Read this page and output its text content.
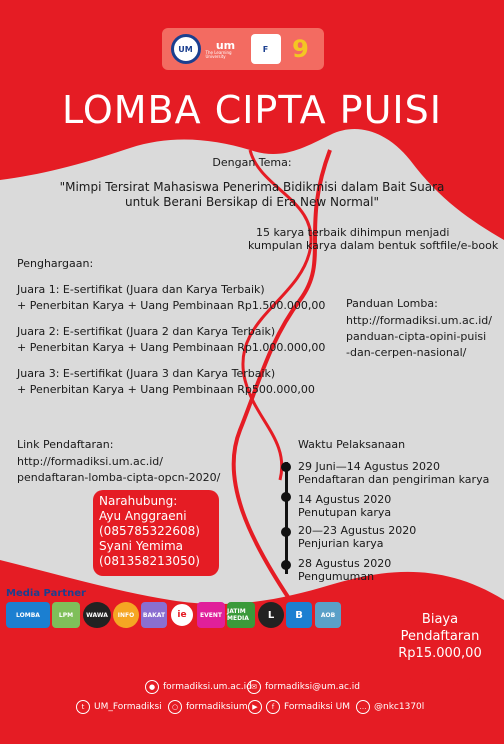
UM	um
The Learning University
F 9
LOMBA CIPTA PUISI
Dengan Tema:
"Mimpi Tersirat Mahasiswa Penerima Bidikmisi dalam Bait Suara
untuk Berani Bersikap di Era New Normal"
15 karya terbaik dihimpun menjadi
kumpulan karya dalam bentuk softfile/e-book
Penghargaan:
Juara 1: E-sertifikat (Juara dan Karya Terbaik)
+ Penerbitan Karya + Uang Pembinaan Rp1.500.000,00
Juara 2: E-sertifikat (Juara 2 dan Karya Terbaik)
+ Penerbitan Karya + Uang Pembinaan Rp1.000.000,00
Juara 3: E-sertifikat (Juara 3 dan Karya Terbaik)
+ Penerbitan Karya + Uang Pembinaan Rp500.000,00
Panduan Lomba:
http://formadiksi.um.ac.id/
panduan-cipta-opini-puisi
-dan-cerpen-nasional/
Link Pendaftaran:
http://formadiksi.um.ac.id/
pendaftaran-lomba-cipta-opcn-2020/
Waktu Pelaksanaan
29 Juni—14 Agustus 2020
Pendaftaran dan pengiriman karya
14 Agustus 2020
Penutupan karya
20—23 Agustus 2020
Penjurian karya
28 Agustus 2020
Pengumuman
Narahubung:
Ayu Anggraeni
(085785322608)
Syani Yemima
(081358213050)
Media Partner
LOMBA	LPM	WAWA	INFO	BAKAT	ie	EVENT JATIM MEDIA	L	B	AOB	Biaya
Pendaftaran
Rp15.000,00
● formadiksi.um.ac.id ✉ formadiksi@um.ac.id
t	UM_Formadiksi	○ formadiksium ▶	f	Formadiksi UM	… @nkc1370l
